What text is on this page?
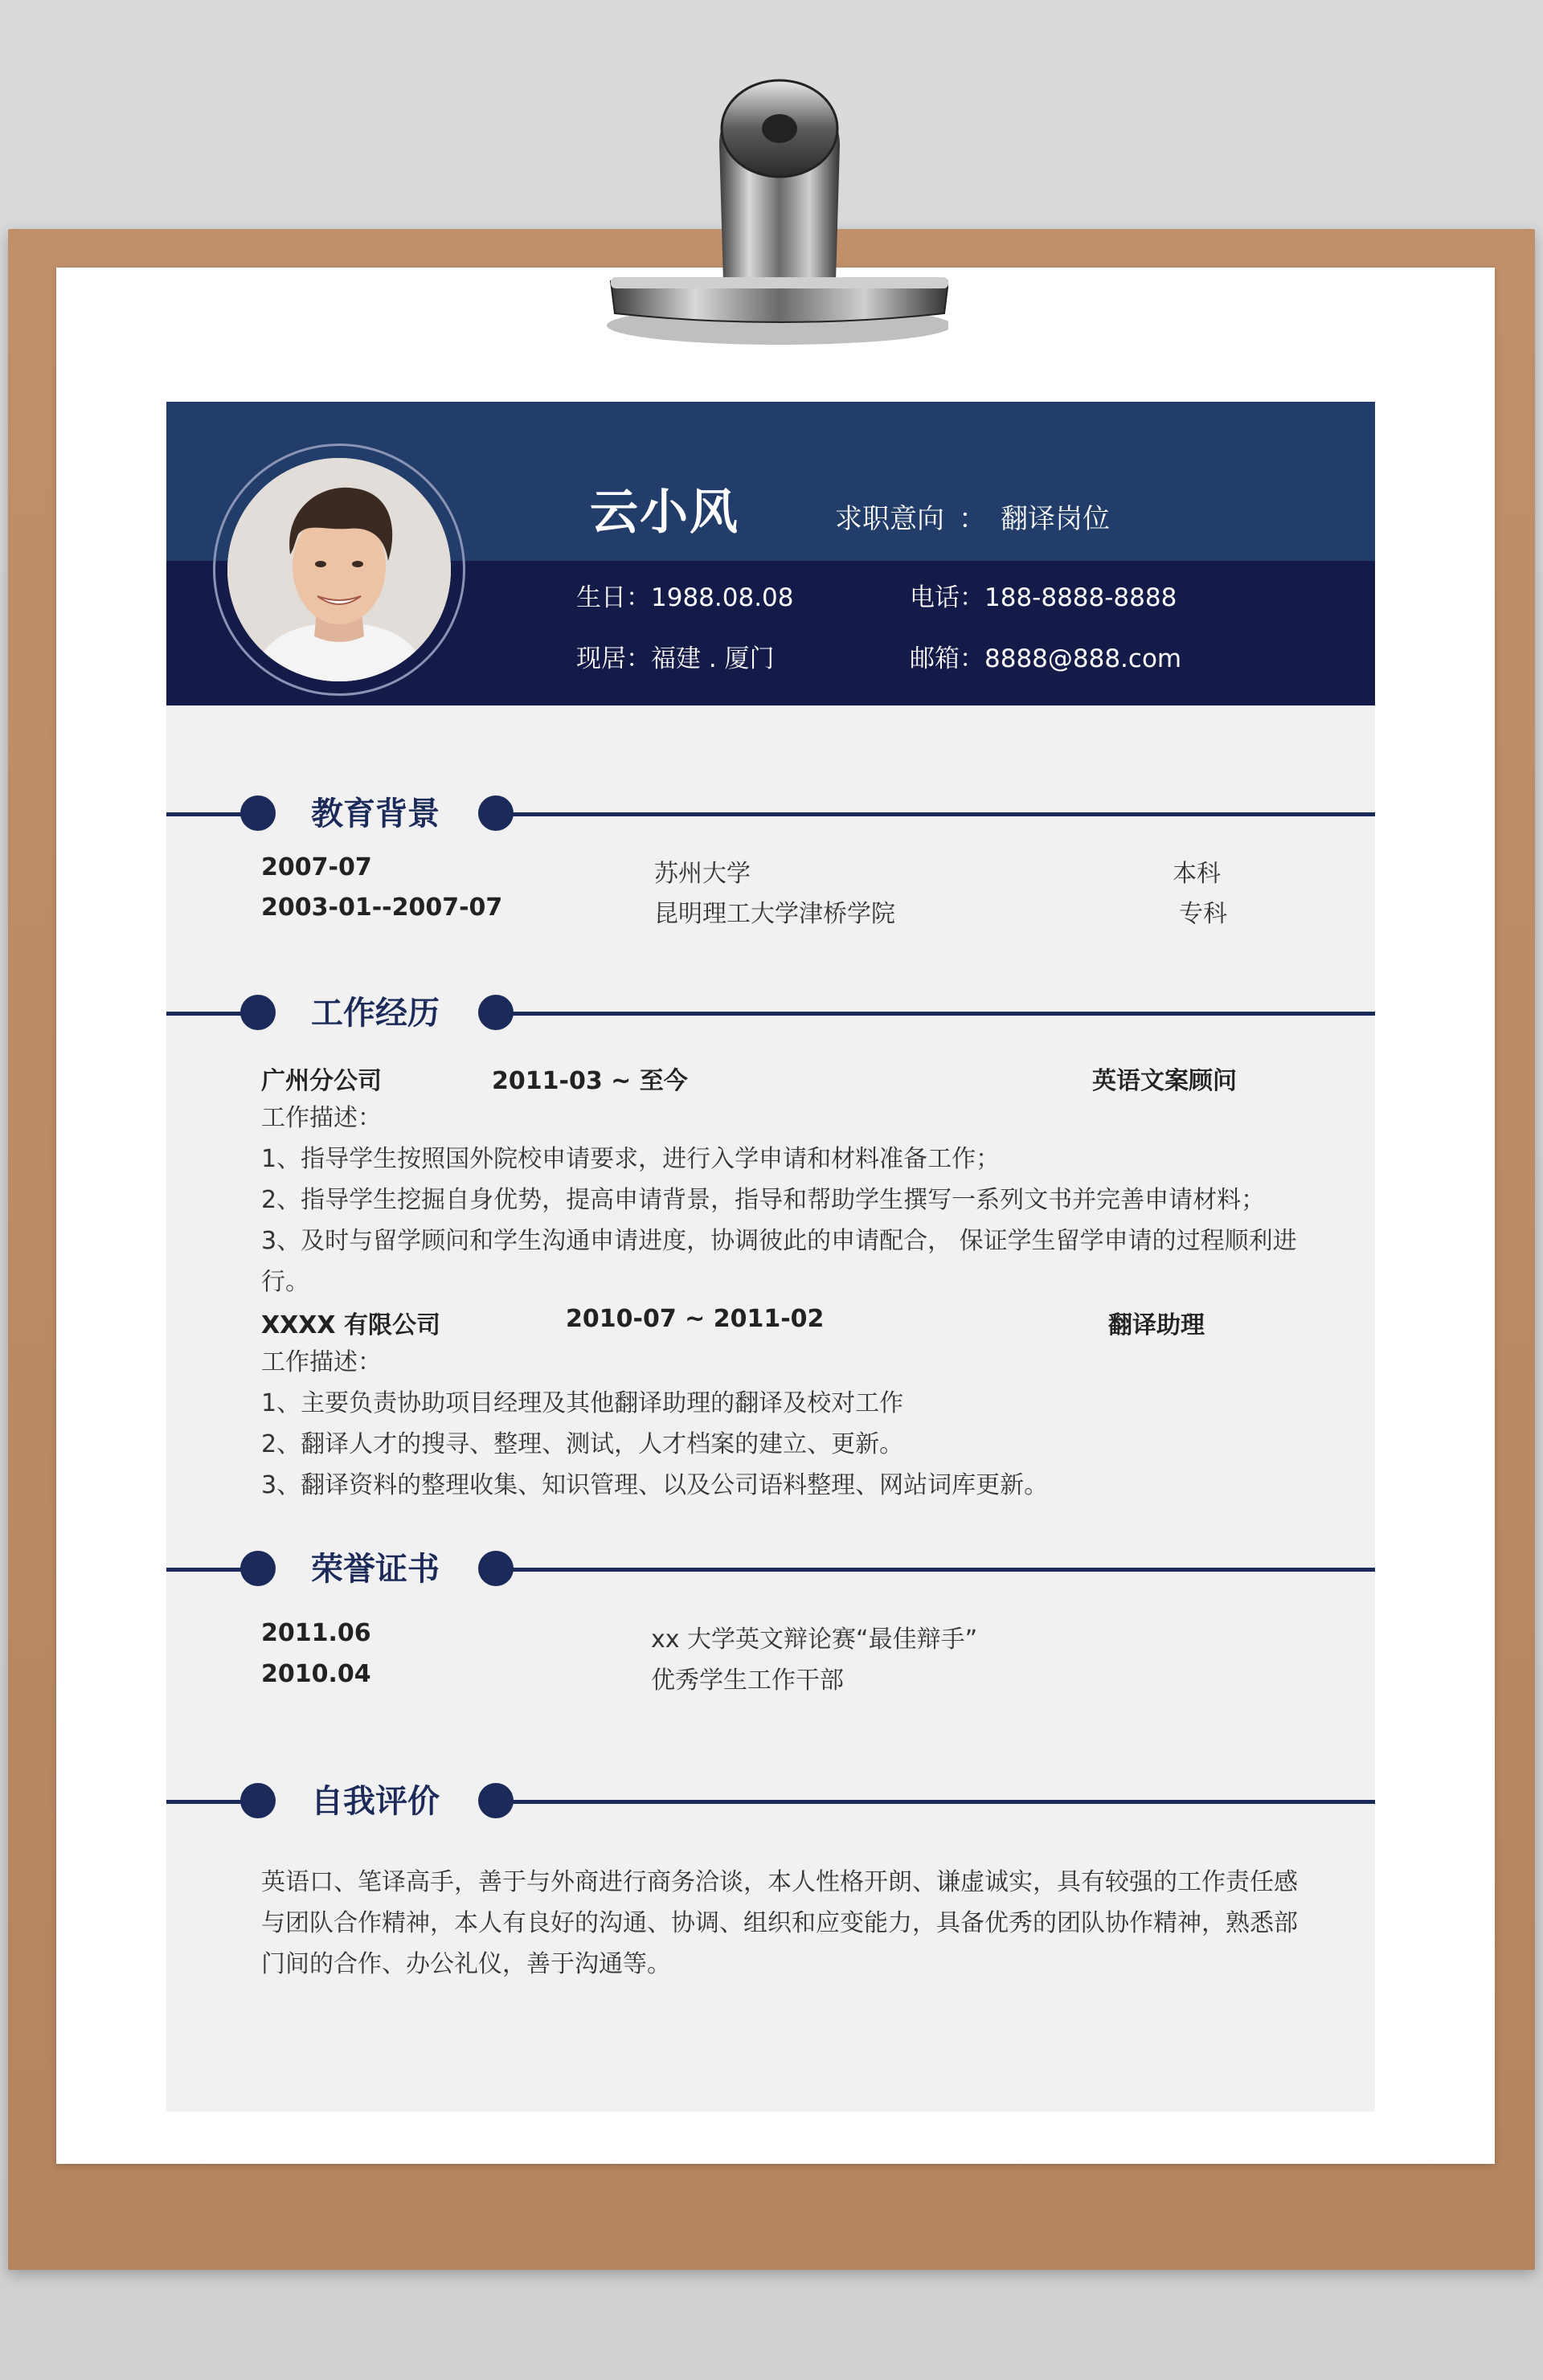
云小风	求职意向 ： 翻译岗位
生日：1988.08.08	电话：188-8888-8888
现居：福建 . 厦门	邮箱：8888@888.com
教育背景
2007-07	苏州大学	本科
2003-01--2007-07	昆明理工大学津桥学院	专科
工作经历
广州分公司	2011-03 ~ 至今	英语文案顾问
工作描述：
1、指导学生按照国外院校申请要求，进行入学申请和材料准备工作；
2、指导学生挖掘自身优势，提高申请背景，指导和帮助学生撰写一系列文书并完善申请材料；
3、及时与留学顾问和学生沟通申请进度，协调彼此的申请配合， 保证学生留学申请的过程顺利进行。
XXXX 有限公司	2010-07 ~ 2011-02	翻译助理
工作描述：
1、主要负责协助项目经理及其他翻译助理的翻译及校对工作
2、翻译人才的搜寻、整理、测试，人才档案的建立、更新。
3、翻译资料的整理收集、知识管理、以及公司语料整理、网站词库更新。
荣誉证书
2011.06	xx 大学英文辩论赛“最佳辩手”
2010.04	优秀学生工作干部
自我评价
英语口、笔译高手，善于与外商进行商务洽谈，本人性格开朗、谦虚诚实，具有较强的工作责任感与团队合作精神，本人有良好的沟通、协调、组织和应变能力，具备优秀的团队协作精神，熟悉部门间的合作、办公礼仪，善于沟通等。
